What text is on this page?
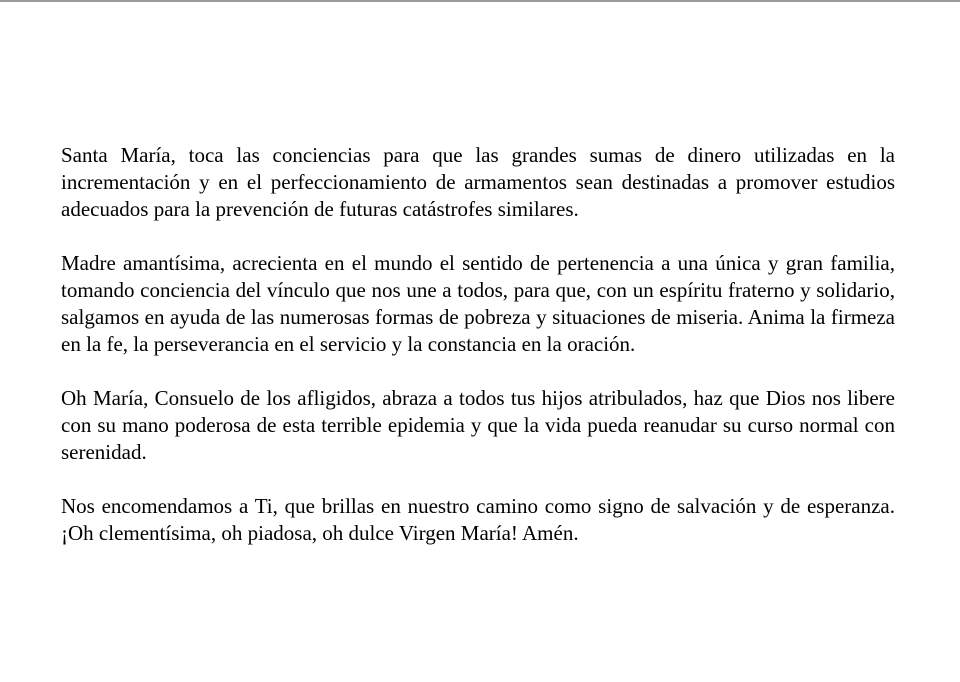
Santa María, toca las conciencias para que las grandes sumas de dinero utilizadas en la incrementación y en el perfeccionamiento de armamentos sean destinadas a promover estudios adecuados para la prevención de futuras catástrofes similares.

Madre amantísima, acrecienta en el mundo el sentido de pertenencia a una única y gran familia, tomando conciencia del vínculo que nos une a todos, para que, con un espíritu fraterno y solidario, salgamos en ayuda de las numerosas formas de pobreza y situaciones de miseria. Anima la firmeza en la fe, la perseverancia en el servicio y la constancia en la oración.

Oh María, Consuelo de los afligidos, abraza a todos tus hijos atribulados, haz que Dios nos libere con su mano poderosa de esta terrible epidemia y que la vida pueda reanudar su curso normal con serenidad.

Nos encomendamos a Ti, que brillas en nuestro camino como signo de salvación y de esperanza. ¡Oh clementísima, oh piadosa, oh dulce Virgen María! Amén.
